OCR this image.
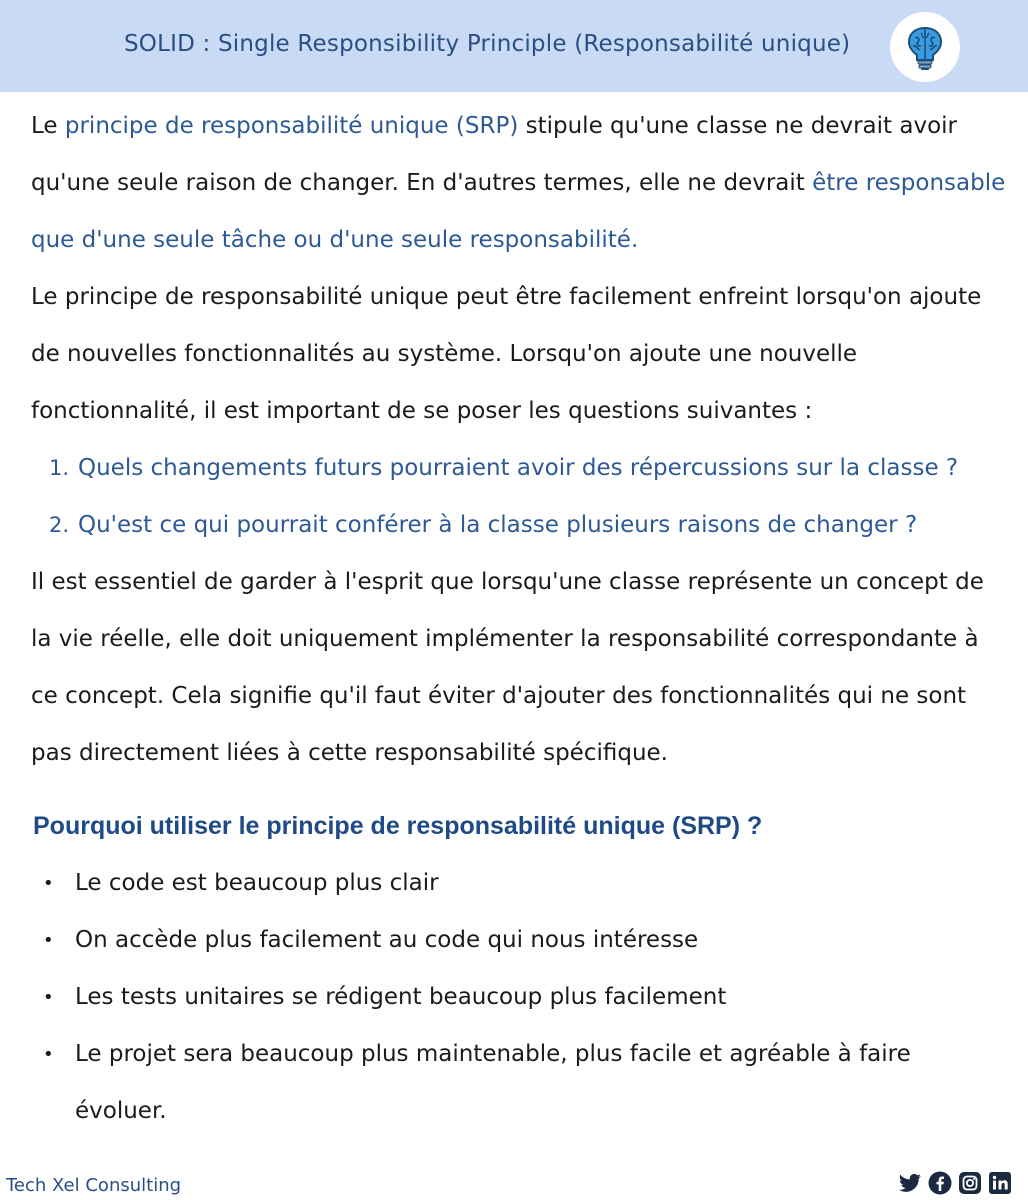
SOLID : Single Responsibility Principle (Responsabilité unique)

Le principe de responsabilité unique (SRP) stipule qu'une classe ne devrait avoir qu'une seule raison de changer. En d'autres termes, elle ne devrait être responsable que d'une seule tâche ou d'une seule responsabilité.

Le principe de responsabilité unique peut être facilement enfreint lorsqu'on ajoute de nouvelles fonctionnalités au système. Lorsqu'on ajoute une nouvelle fonctionnalité, il est important de se poser les questions suivantes :

1. Quels changements futurs pourraient avoir des répercussions sur la classe ?
2. Qu'est ce qui pourrait conférer à la classe plusieurs raisons de changer ?

Il est essentiel de garder à l'esprit que lorsqu'une classe représente un concept de la vie réelle, elle doit uniquement implémenter la responsabilité correspondante à ce concept. Cela signifie qu'il faut éviter d'ajouter des fonctionnalités qui ne sont pas directement liées à cette responsabilité spécifique.

Pourquoi utiliser le principe de responsabilité unique (SRP) ?
• Le code est beaucoup plus clair
• On accède plus facilement au code qui nous intéresse
• Les tests unitaires se rédigent beaucoup plus facilement
• Le projet sera beaucoup plus maintenable, plus facile et agréable à faire évoluer.
Tech Xel Consulting
